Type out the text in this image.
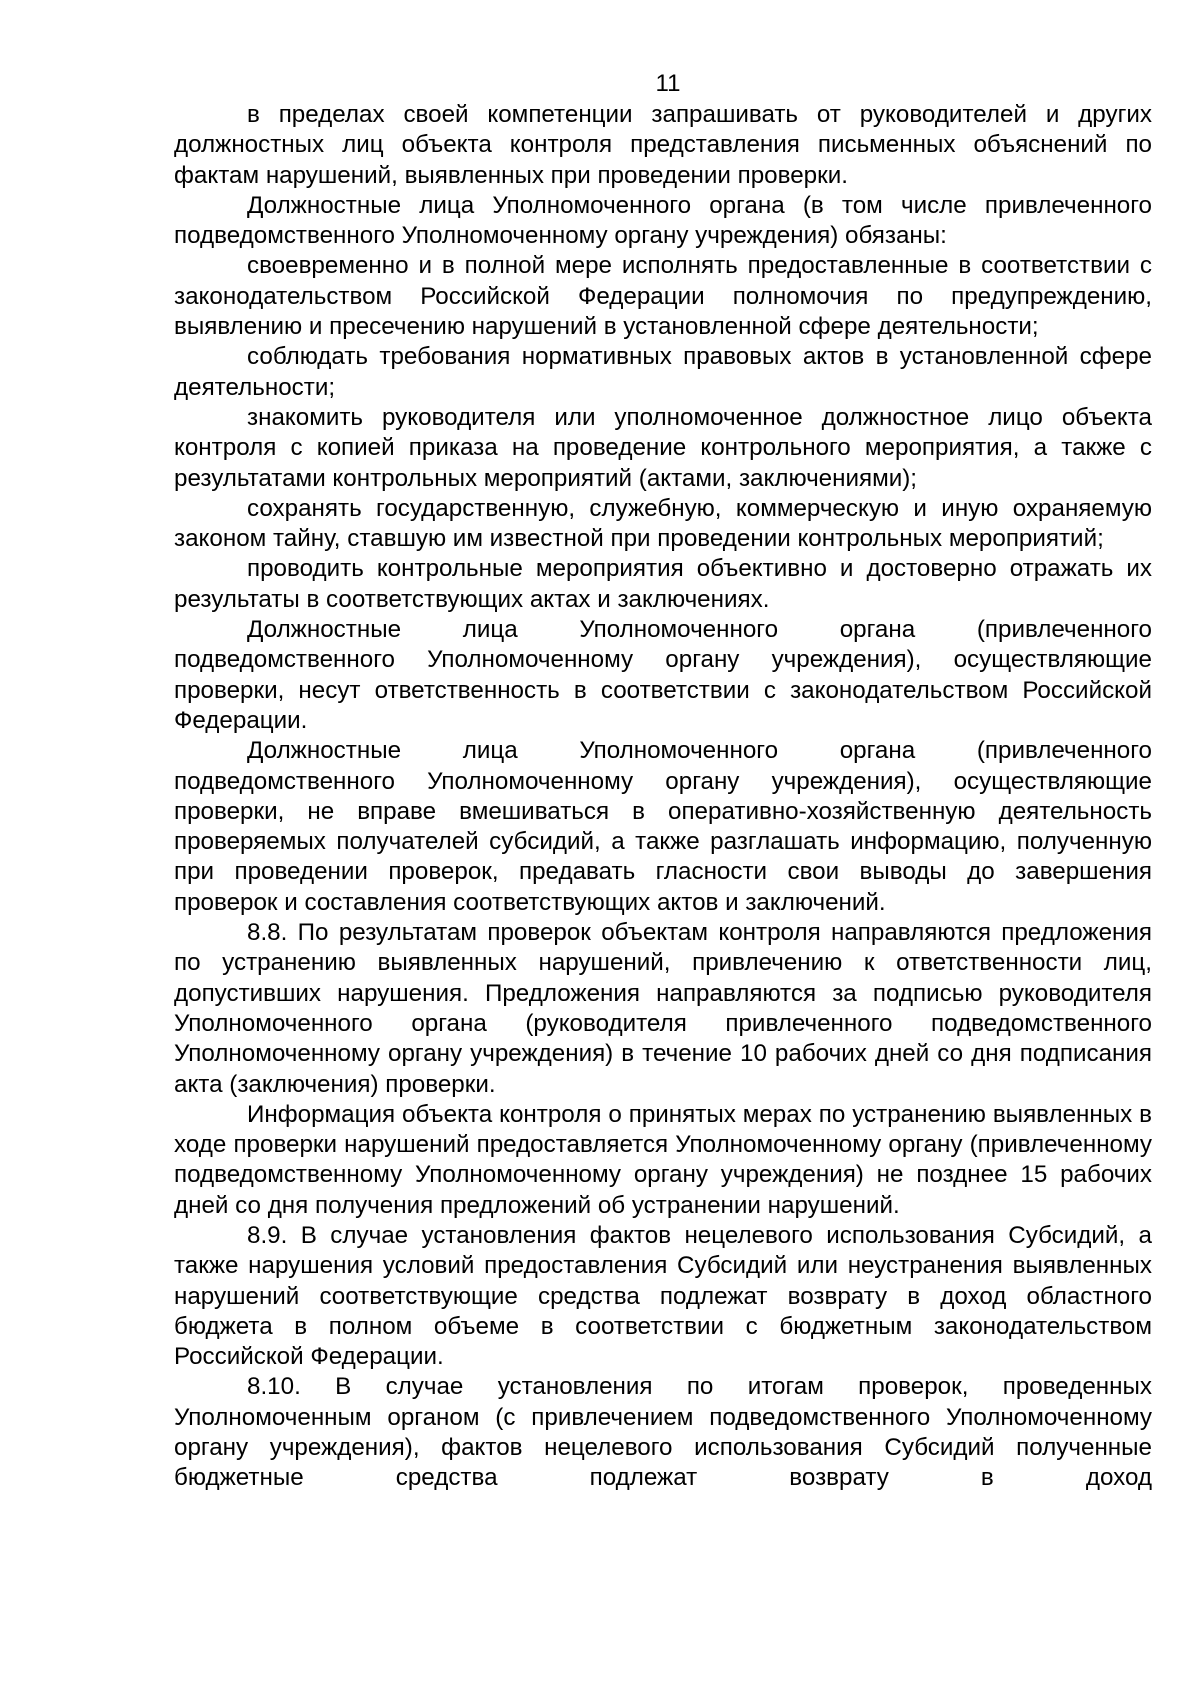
11

в пределах своей компетенции запрашивать от руководителей и других должностных лиц объекта контроля представления письменных объяснений по фактам нарушений, выявленных при проведении проверки.

Должностные лица Уполномоченного органа (в том числе привлеченного подведомственного Уполномоченному органу учреждения) обязаны:

своевременно и в полной мере исполнять предоставленные в соответствии с законодательством Российской Федерации полномочия по предупреждению, выявлению и пресечению нарушений в установленной сфере деятельности;

соблюдать требования нормативных правовых актов в установленной сфере деятельности;

знакомить руководителя или уполномоченное должностное лицо объекта контроля с копией приказа на проведение контрольного мероприятия, а также с результатами контрольных мероприятий (актами, заключениями);

сохранять государственную, служебную, коммерческую и иную охраняемую законом тайну, ставшую им известной при проведении контрольных мероприятий;

проводить контрольные мероприятия объективно и достоверно отражать их результаты в соответствующих актах и заключениях.

Должностные лица Уполномоченного органа (привлеченного подведомственного Уполномоченному органу учреждения), осуществляющие проверки, несут ответственность в соответствии с законодательством Российской Федерации.

Должностные лица Уполномоченного органа (привлеченного подведомственного Уполномоченному органу учреждения), осуществляющие проверки, не вправе вмешиваться в оперативно-хозяйственную деятельность проверяемых получателей субсидий, а также разглашать информацию, полученную при проведении проверок, предавать гласности свои выводы до завершения проверок и составления соответствующих актов и заключений.

8.8. По результатам проверок объектам контроля направляются предложения по устранению выявленных нарушений, привлечению к ответственности лиц, допустивших нарушения. Предложения направляются за подписью руководителя Уполномоченного органа (руководителя привлеченного подведомственного Уполномоченному органу учреждения) в течение 10 рабочих дней со дня подписания акта (заключения) проверки.

Информация объекта контроля о принятых мерах по устранению выявленных в ходе проверки нарушений предоставляется Уполномоченному органу (привлеченному подведомственному Уполномоченному органу учреждения) не позднее 15 рабочих дней со дня получения предложений об устранении нарушений.

8.9. В случае установления фактов нецелевого использования Субсидий, а также нарушения условий предоставления Субсидий или неустранения выявленных нарушений соответствующие средства подлежат возврату в доход областного бюджета в полном объеме в соответствии с бюджетным законодательством Российской Федерации.

8.10. В случае установления по итогам проверок, проведенных Уполномоченным органом (с привлечением подведомственного Уполномоченному органу учреждения), фактов нецелевого использования Субсидий полученные бюджетные средства подлежат возврату в доход
